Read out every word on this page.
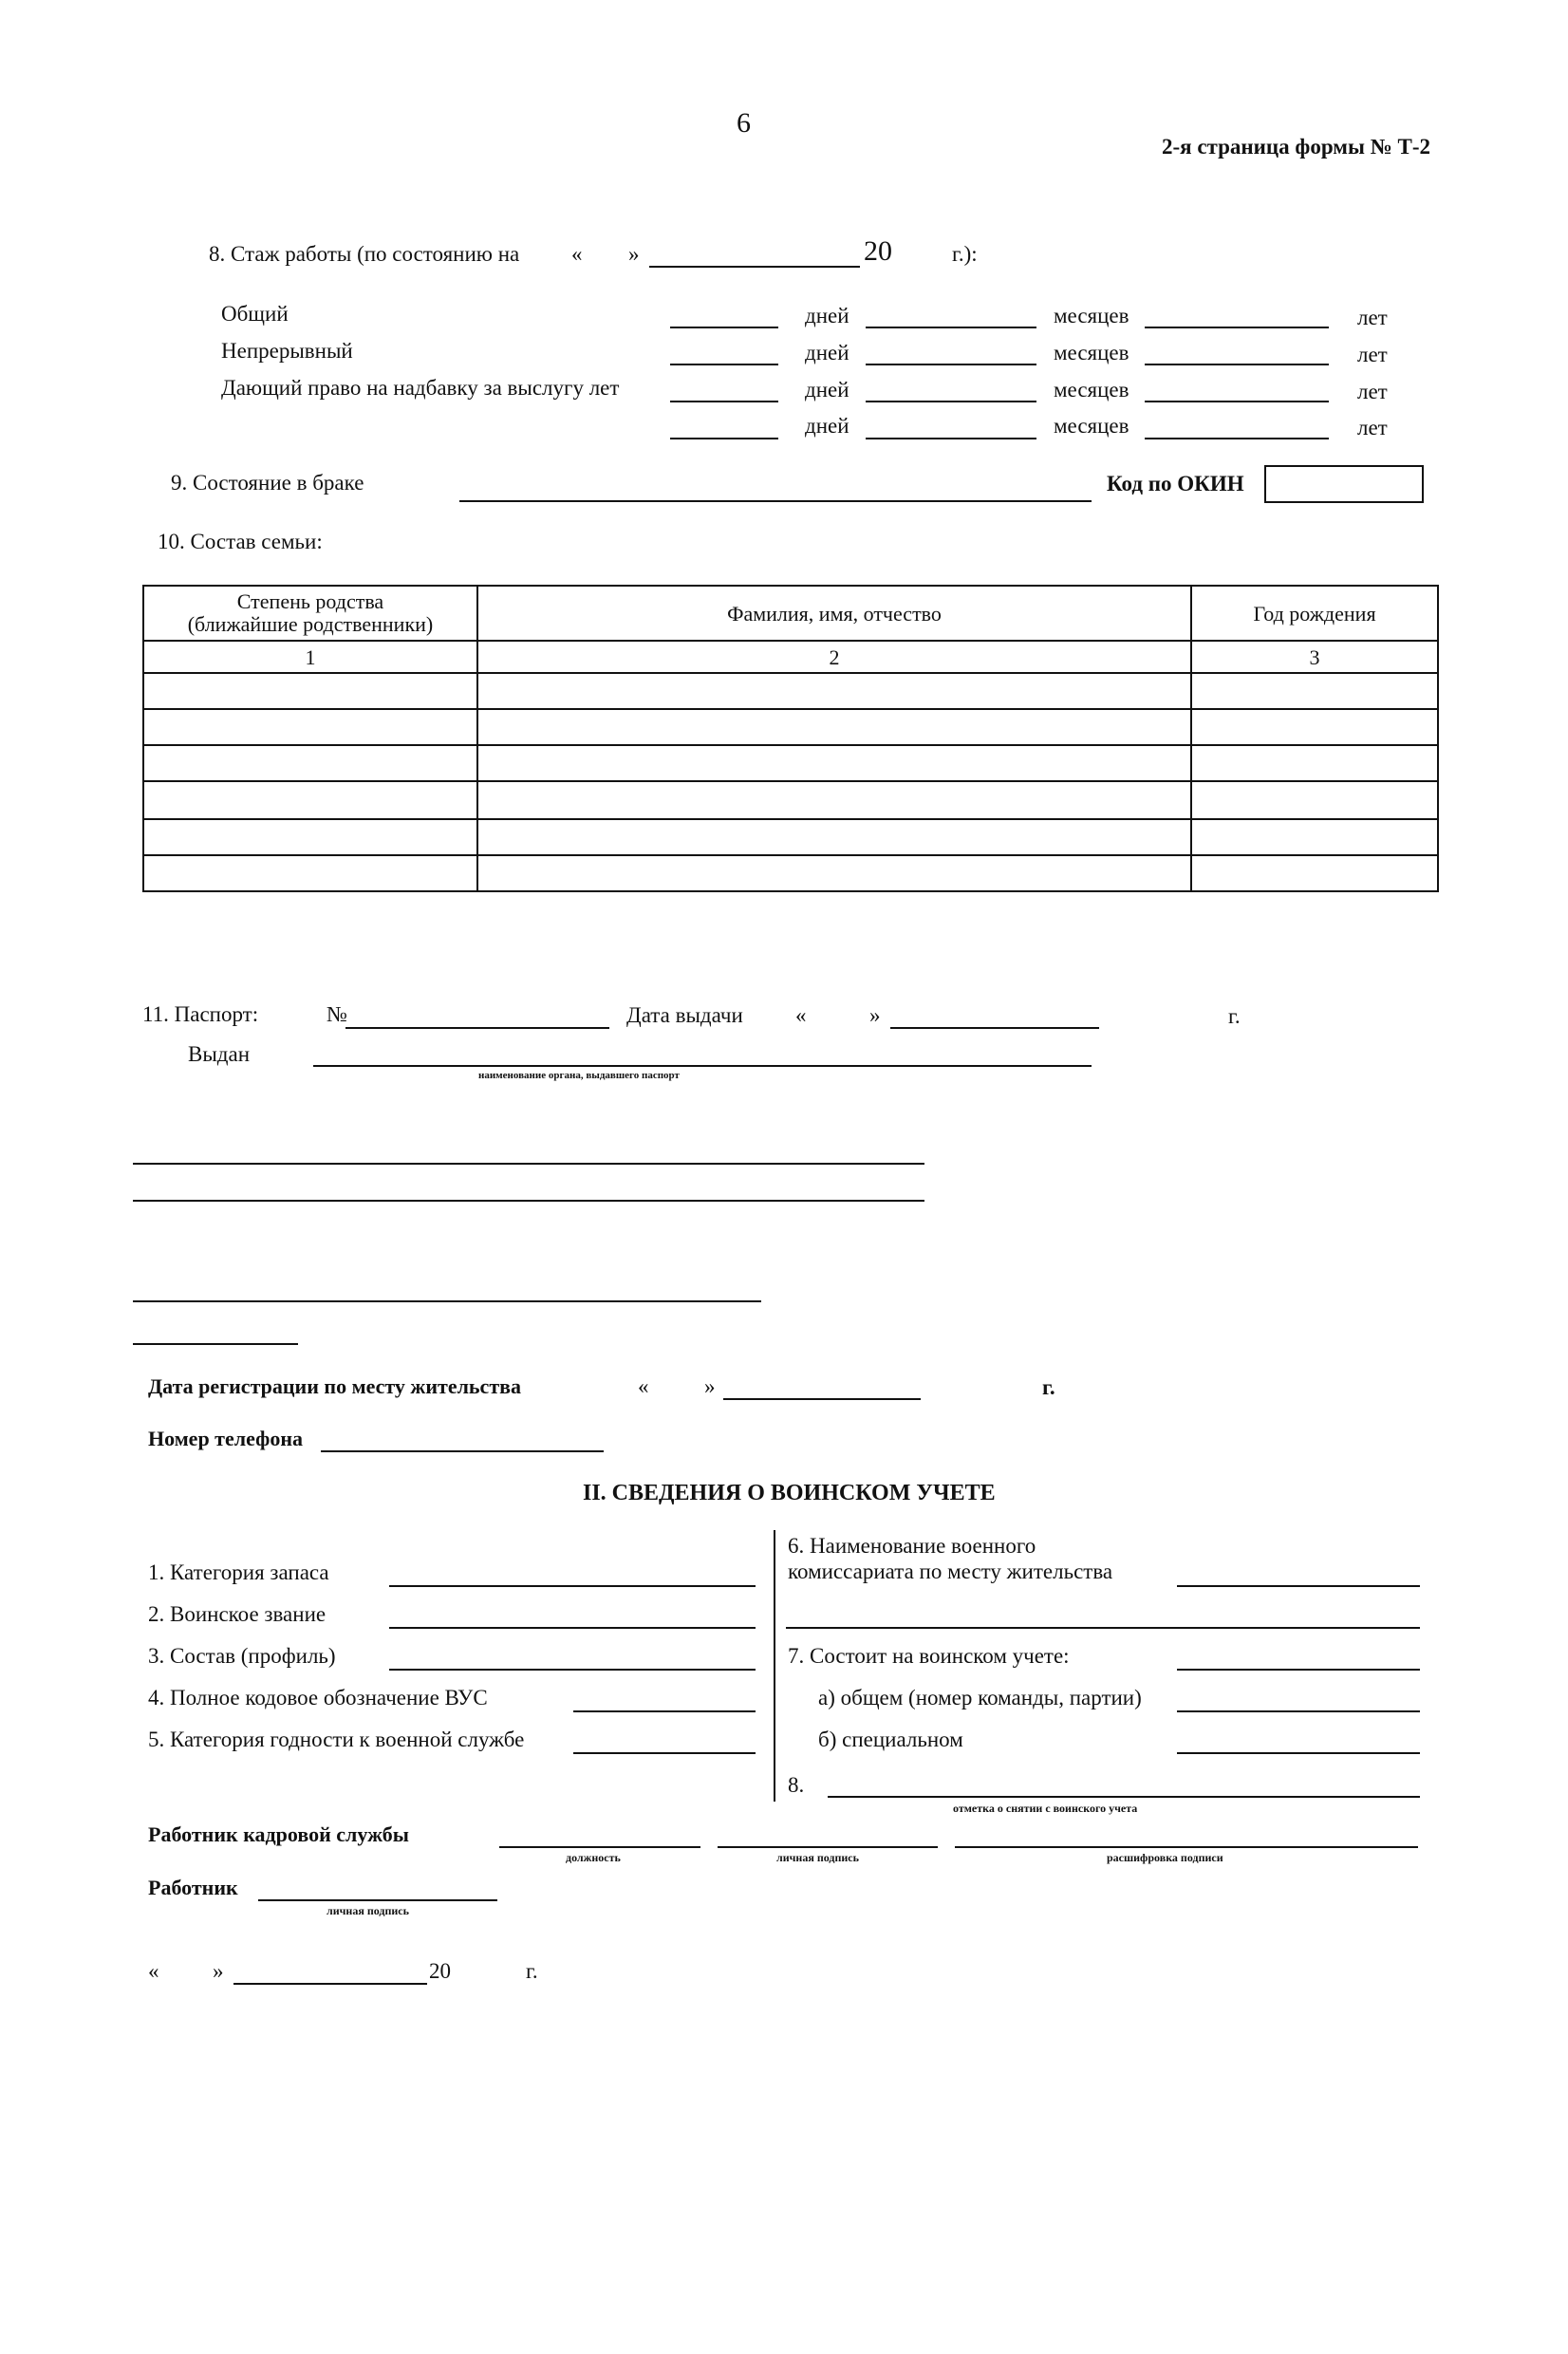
6
2-я страница формы № Т-2
8. Стаж работы (по состоянию на « »	20	г.):
Общий	дней	месяцев	лет
Непрерывный	дней	месяцев	лет
Дающий право на надбавку за выслугу лет	дней	месяцев	лет
дней	месяцев	лет
9. Состояние в браке	Код по ОКИН
10. Состав семьи:
Степень родства
(ближайшие родственники)	Фамилия, имя, отчество	Год рождения
1	2	3

11. Паспорт:	№	Дата выдачи «	»	г.
Выдан
наименование органа, выдавшего паспорт
Дата регистрации по месту жительства	«	»	г.
Номер телефона
II. СВЕДЕНИЯ О ВОИНСКОМ УЧЕТЕ
1. Категория запаса
2. Воинское звание
3. Состав (профиль)
4. Полное кодовое обозначение ВУС
5. Категория годности к военной службе
6. Наименование военного
комиссариата по месту жительства
7. Состоит на воинском учете:
а) общем (номер команды, партии)
б) специальном
8.
отметка о снятии с воинского учета
Работник кадровой службы
должность	личная подпись	расшифровка подписи
Работник
личная подпись
« »	20	г.
